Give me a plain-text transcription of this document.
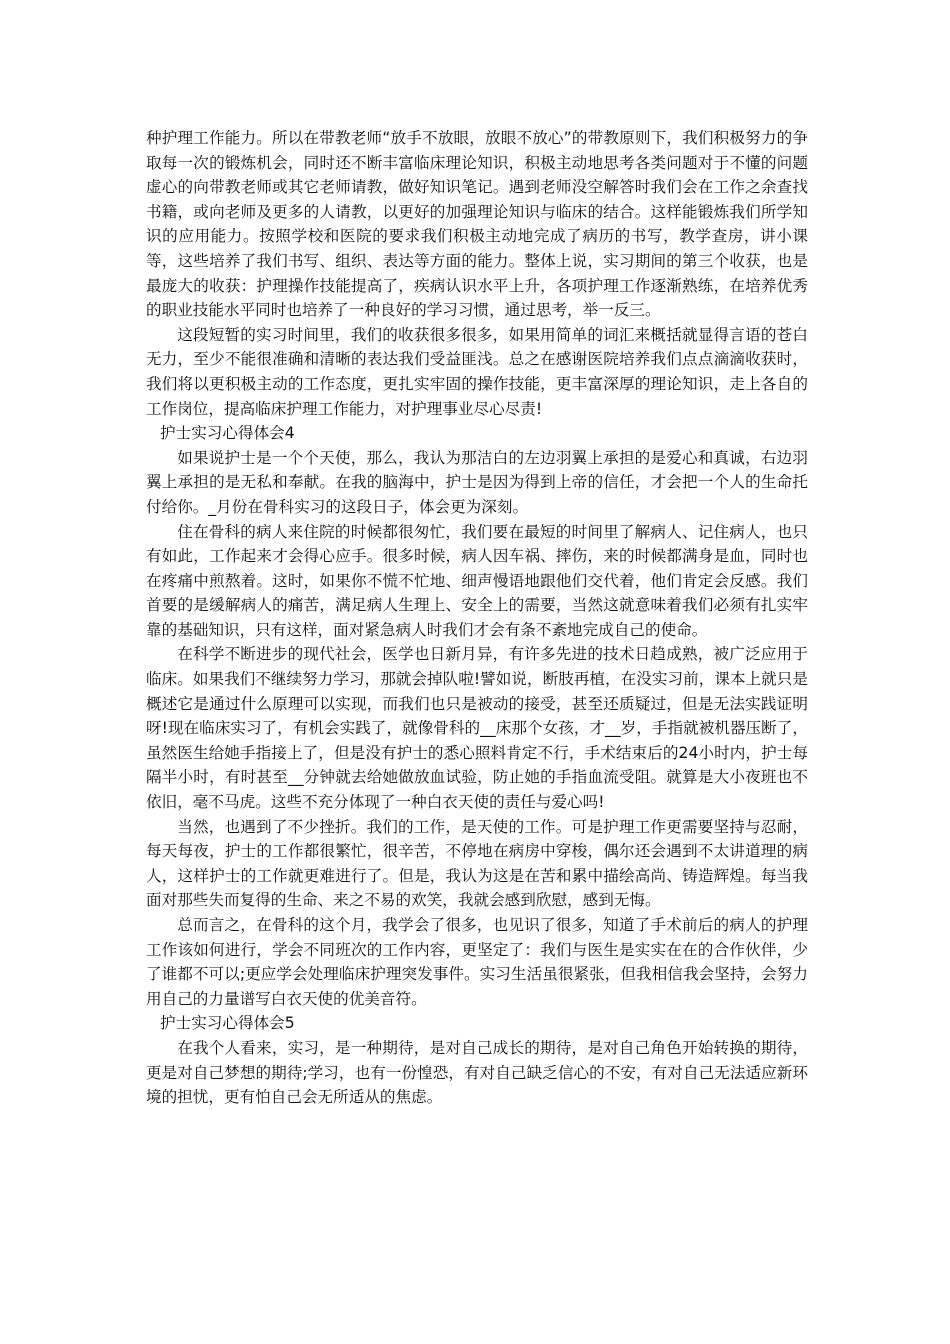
种护理工作能力。所以在带教老师“放手不放眼，放眼不放心”的带教原则下，我们积极努力的争取每一次的锻炼机会，同时还不断丰富临床理论知识，积极主动地思考各类问题对于不懂的问题虚心的向带教老师或其它老师请教，做好知识笔记。遇到老师没空解答时我们会在工作之余查找书籍，或向老师及更多的人请教，以更好的加强理论知识与临床的结合。这样能锻炼我们所学知识的应用能力。按照学校和医院的要求我们积极主动地完成了病历的书写，教学查房，讲小课等，这些培养了我们书写、组织、表达等方面的能力。整体上说，实习期间的第三个收获，也是最庞大的收获：护理操作技能提高了，疾病认识水平上升，各项护理工作逐渐熟练，在培养优秀的职业技能水平同时也培养了一种良好的学习习惯，通过思考，举一反三。

这段短暂的实习时间里，我们的收获很多很多，如果用简单的词汇来概括就显得言语的苍白无力，至少不能很准确和清晰的表达我们受益匪浅。总之在感谢医院培养我们点点滴滴收获时，我们将以更积极主动的工作态度，更扎实牢固的操作技能，更丰富深厚的理论知识，走上各自的工作岗位，提高临床护理工作能力，对护理事业尽心尽责!

护士实习心得体会4

如果说护士是一个个天使，那么，我认为那洁白的左边羽翼上承担的是爱心和真诚，右边羽翼上承担的是无私和奉献。在我的脑海中，护士是因为得到上帝的信任，才会把一个人的生命托付给你。_月份在骨科实习的这段日子，体会更为深刻。

住在骨科的病人来住院的时候都很匆忙，我们要在最短的时间里了解病人、记住病人，也只有如此，工作起来才会得心应手。很多时候，病人因车祸、摔伤，来的时候都满身是血，同时也在疼痛中煎熬着。这时，如果你不慌不忙地、细声慢语地跟他们交代着，他们肯定会反感。我们首要的是缓解病人的痛苦，满足病人生理上、安全上的需要，当然这就意味着我们必须有扎实牢靠的基础知识，只有这样，面对紧急病人时我们才会有条不紊地完成自己的使命。

在科学不断进步的现代社会，医学也日新月异，有许多先进的技术日趋成熟，被广泛应用于临床。如果我们不继续努力学习，那就会掉队啦!譬如说，断肢再植，在没实习前，课本上就只是概述它是通过什么原理可以实现，而我们也只是被动的接受，甚至还质疑过，但是无法实践证明呀!现在临床实习了，有机会实践了，就像骨科的__床那个女孩，才__岁，手指就被机器压断了，虽然医生给她手指接上了，但是没有护士的悉心照料肯定不行，手术结束后的24小时内，护士每隔半小时，有时甚至__分钟就去给她做放血试验，防止她的手指血流受阻。就算是大小夜班也不依旧，毫不马虎。这些不充分体现了一种白衣天使的责任与爱心吗!

当然，也遇到了不少挫折。我们的工作，是天使的工作。可是护理工作更需要坚持与忍耐，每天每夜，护士的工作都很繁忙，很辛苦，不停地在病房中穿梭，偶尔还会遇到不太讲道理的病人，这样护士的工作就更难进行了。但是，我认为这是在苦和累中描绘高尚、铸造辉煌。每当我面对那些失而复得的生命、来之不易的欢笑，我就会感到欣慰，感到无悔。

总而言之，在骨科的这个月，我学会了很多，也见识了很多，知道了手术前后的病人的护理工作该如何进行，学会不同班次的工作内容，更坚定了：我们与医生是实实在在的合作伙伴，少了谁都不可以;更应学会处理临床护理突发事件。实习生活虽很紧张，但我相信我会坚持，会努力用自己的力量谱写白衣天使的优美音符。

护士实习心得体会5

在我个人看来，实习，是一种期待，是对自己成长的期待，是对自己角色开始转换的期待，更是对自己梦想的期待;学习，也有一份惶恐，有对自己缺乏信心的不安，有对自己无法适应新环境的担忧，更有怕自己会无所适从的焦虑。
